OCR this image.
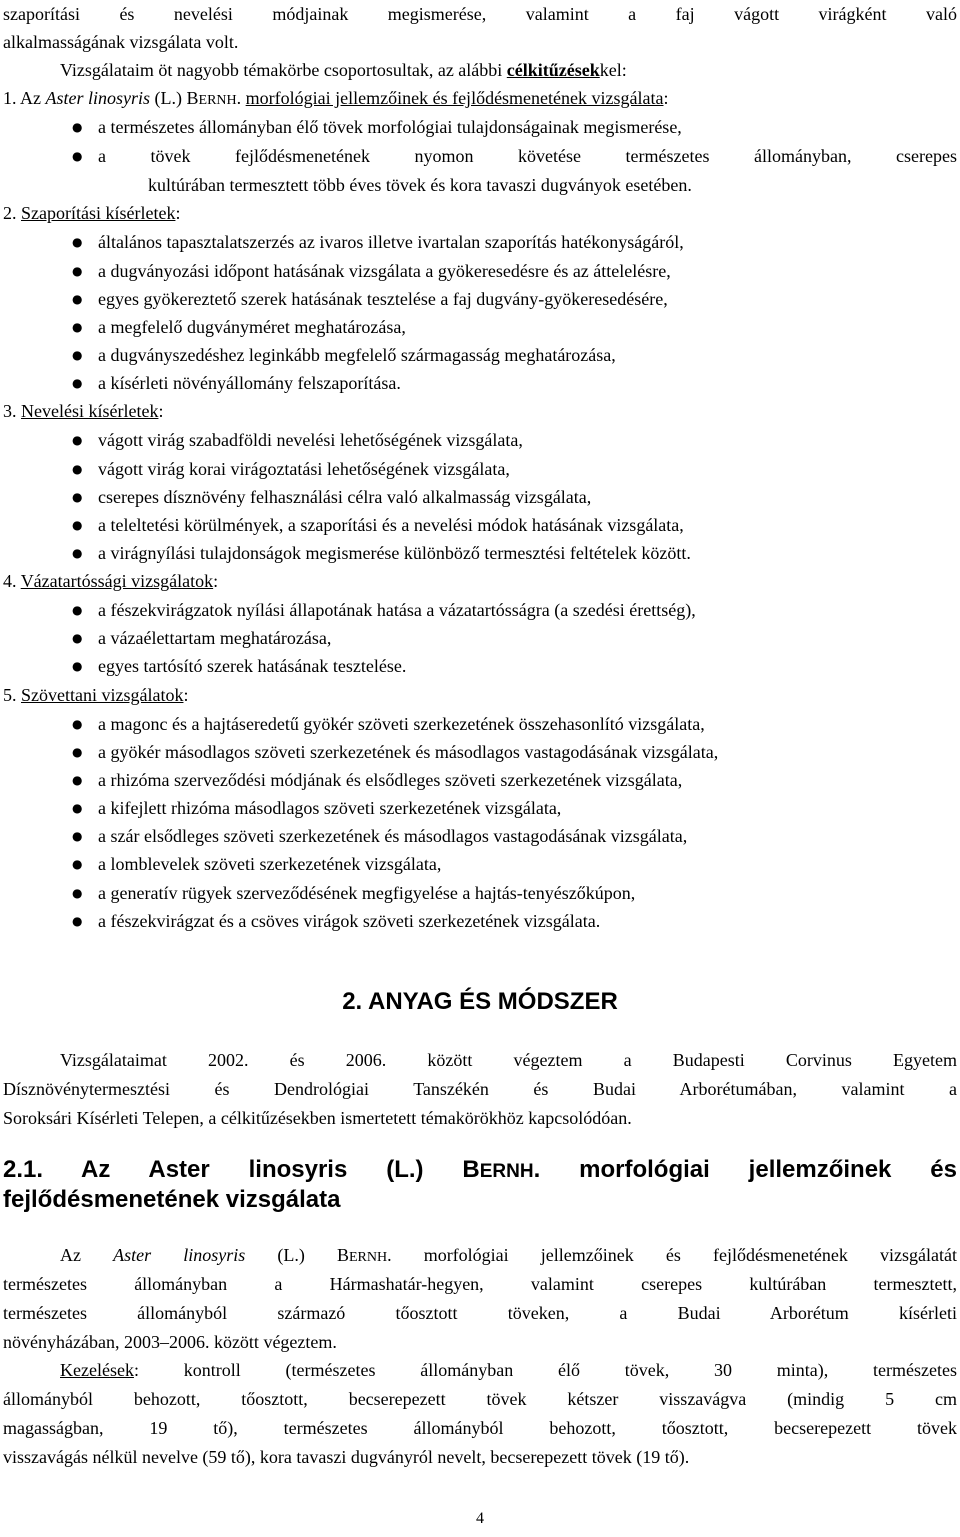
szaporítási és nevelési módjainak megismerése, valamint a faj vágott virágként való
alkalmasságának vizsgálata volt.
Vizsgálataim öt nagyobb témakörbe csoportosultak, az alábbi célkitűzésekkel:
1. Az Aster linosyris (L.) BERNH. morfológiai jellemzőinek és fejlődésmenetének vizsgálata:
● a természetes állományban élő tövek morfológiai tulajdonságainak megismerése,
● a tövek fejlődésmenetének nyomon követése természetes állományban, cserepes
kultúrában termesztett több éves tövek és kora tavaszi dugványok esetében.
2. Szaporítási kísérletek:
● általános tapasztalatszerzés az ivaros illetve ivartalan szaporítás hatékonyságáról,
● a dugványozási időpont hatásának vizsgálata a gyökeresedésre és az áttelelésre,
● egyes gyökereztető szerek hatásának tesztelése a faj dugvány-gyökeresedésére,
● a megfelelő dugványméret meghatározása,
● a dugványszedéshez leginkább megfelelő szármagasság meghatározása,
● a kísérleti növényállomány felszaporítása.
3. Nevelési kísérletek:
● vágott virág szabadföldi nevelési lehetőségének vizsgálata,
● vágott virág korai virágoztatási lehetőségének vizsgálata,
● cserepes dísznövény felhasználási célra való alkalmasság vizsgálata,
● a teleltetési körülmények, a szaporítási és a nevelési módok hatásának vizsgálata,
● a virágnyílási tulajdonságok megismerése különböző termesztési feltételek között.
4. Vázatartóssági vizsgálatok:
● a fészekvirágzatok nyílási állapotának hatása a vázatartósságra (a szedési érettség),
● a vázaélettartam meghatározása,
● egyes tartósító szerek hatásának tesztelése.
5. Szövettani vizsgálatok:
● a magonc és a hajtáseredetű gyökér szöveti szerkezetének összehasonlító vizsgálata,
● a gyökér másodlagos szöveti szerkezetének és másodlagos vastagodásának vizsgálata,
● a rhizóma szerveződési módjának és elsődleges szöveti szerkezetének vizsgálata,
● a kifejlett rhizóma másodlagos szöveti szerkezetének vizsgálata,
● a szár elsődleges szöveti szerkezetének és másodlagos vastagodásának vizsgálata,
● a lomblevelek szöveti szerkezetének vizsgálata,
● a generatív rügyek szerveződésének megfigyelése a hajtás-tenyészőkúpon,
● a fészekvirágzat és a csöves virágok szöveti szerkezetének vizsgálata.
2. ANYAG ÉS MÓDSZER
Vizsgálataimat 2002. és 2006. között végeztem a Budapesti Corvinus Egyetem
Dísznövénytermesztési és Dendrológiai Tanszékén és Budai Arborétumában, valamint a
Soroksári Kísérleti Telepen, a célkitűzésekben ismertetett témakörökhöz kapcsolódóan.
2.1. Az Aster linosyris (L.) BERNH. morfológiai jellemzőinek és
fejlődésmenetének vizsgálata
Az Aster linosyris (L.) BERNH. morfológiai jellemzőinek és fejlődésmenetének vizsgálatát
természetes állományban a Hármashatár-hegyen, valamint cserepes kultúrában termesztett,
természetes állományból származó tőosztott töveken, a Budai Arborétum kísérleti
növényházában, 2003–2006. között végeztem.
Kezelések: kontroll (természetes állományban élő tövek, 30 minta), természetes
állományból behozott, tőosztott, becserepezett tövek kétszer visszavágva (mindig 5 cm
magasságban, 19 tő), természetes állományból behozott, tőosztott, becserepezett tövek
visszavágás nélkül nevelve (59 tő), kora tavaszi dugványról nevelt, becserepezett tövek (19 tő).
4
